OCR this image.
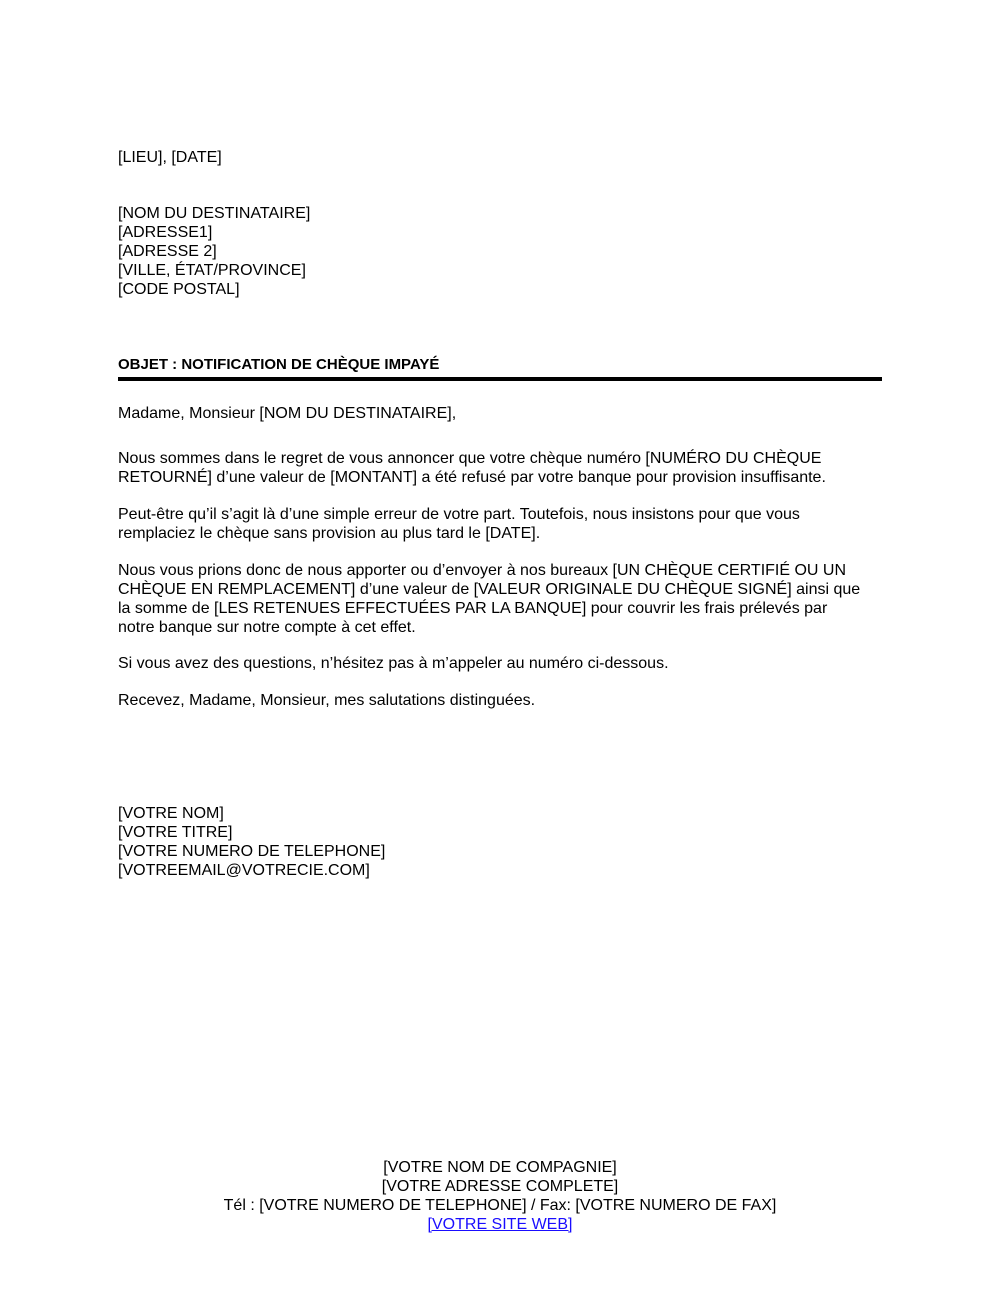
[LIEU], [DATE]
[NOM DU DESTINATAIRE]
[ADRESSE1]
[ADRESSE 2]
[VILLE, ÉTAT/PROVINCE]
[CODE POSTAL]
OBJET : NOTIFICATION DE CHÈQUE IMPAYÉ
Madame, Monsieur [NOM DU DESTINATAIRE],
Nous sommes dans le regret de vous annoncer que votre chèque numéro [NUMÉRO DU CHÈQUE
RETOURNÉ] d’une valeur de [MONTANT] a été refusé par votre banque pour provision insuffisante.
Peut-être qu’il s’agit là d’une simple erreur de votre part. Toutefois, nous insistons pour que vous
remplaciez le chèque sans provision au plus tard le [DATE].
Nous vous prions donc de nous apporter ou d’envoyer à nos bureaux [UN CHÈQUE CERTIFIÉ OU UN
CHÈQUE EN REMPLACEMENT] d’une valeur de [VALEUR ORIGINALE DU CHÈQUE SIGNÉ] ainsi que
la somme de [LES RETENUES EFFECTUÉES PAR LA BANQUE] pour couvrir les frais prélevés par
notre banque sur notre compte à cet effet.
Si vous avez des questions, n’hésitez pas à m’appeler au numéro ci-dessous.
Recevez, Madame, Monsieur, mes salutations distinguées.
[VOTRE NOM]
[VOTRE TITRE]
[VOTRE NUMERO DE TELEPHONE]
[VOTREEMAIL@VOTRECIE.COM]
[VOTRE NOM DE COMPAGNIE]
[VOTRE ADRESSE COMPLETE]
Tél : [VOTRE NUMERO DE TELEPHONE] / Fax: [VOTRE NUMERO DE FAX]
[VOTRE SITE WEB]
